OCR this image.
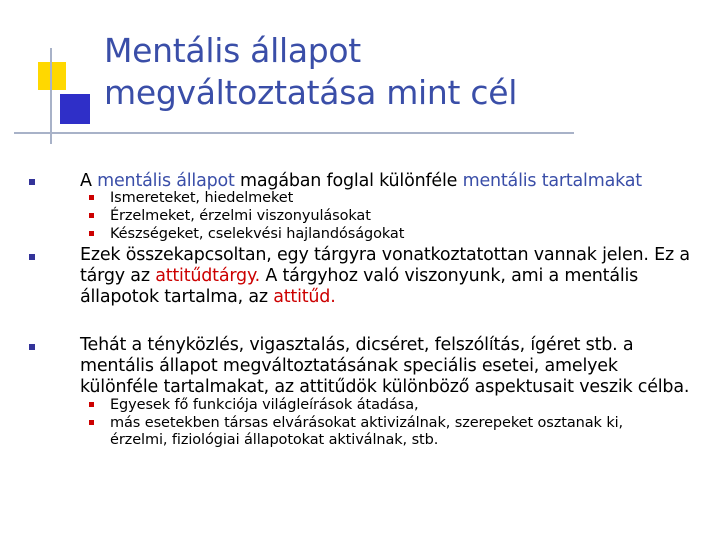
Mentális állapot
megváltoztatása mint cél
A mentális állapot magában foglal különféle mentális tartalmakat
Ismereteket, hiedelmeket
Érzelmeket, érzelmi viszonyulásokat
Készségeket, cselekvési hajlandóságokat
Ezek összekapcsoltan, egy tárgyra vonatkoztatottan vannak jelen. Ez a
tárgy az attitűdtárgy. A tárgyhoz való viszonyunk, ami a mentális
állapotok tartalma, az attitűd.
Tehát a tényközlés, vigasztalás, dicséret, felszólítás, ígéret stb. a
mentális állapot megváltoztatásának speciális esetei, amelyek
különféle tartalmakat, az attitűdök különböző aspektusait veszik célba.
Egyesek fő funkciója világleírások átadása,
más esetekben társas elvárásokat aktivizálnak, szerepeket osztanak ki,
érzelmi, fiziológiai állapotokat aktiválnak, stb.
